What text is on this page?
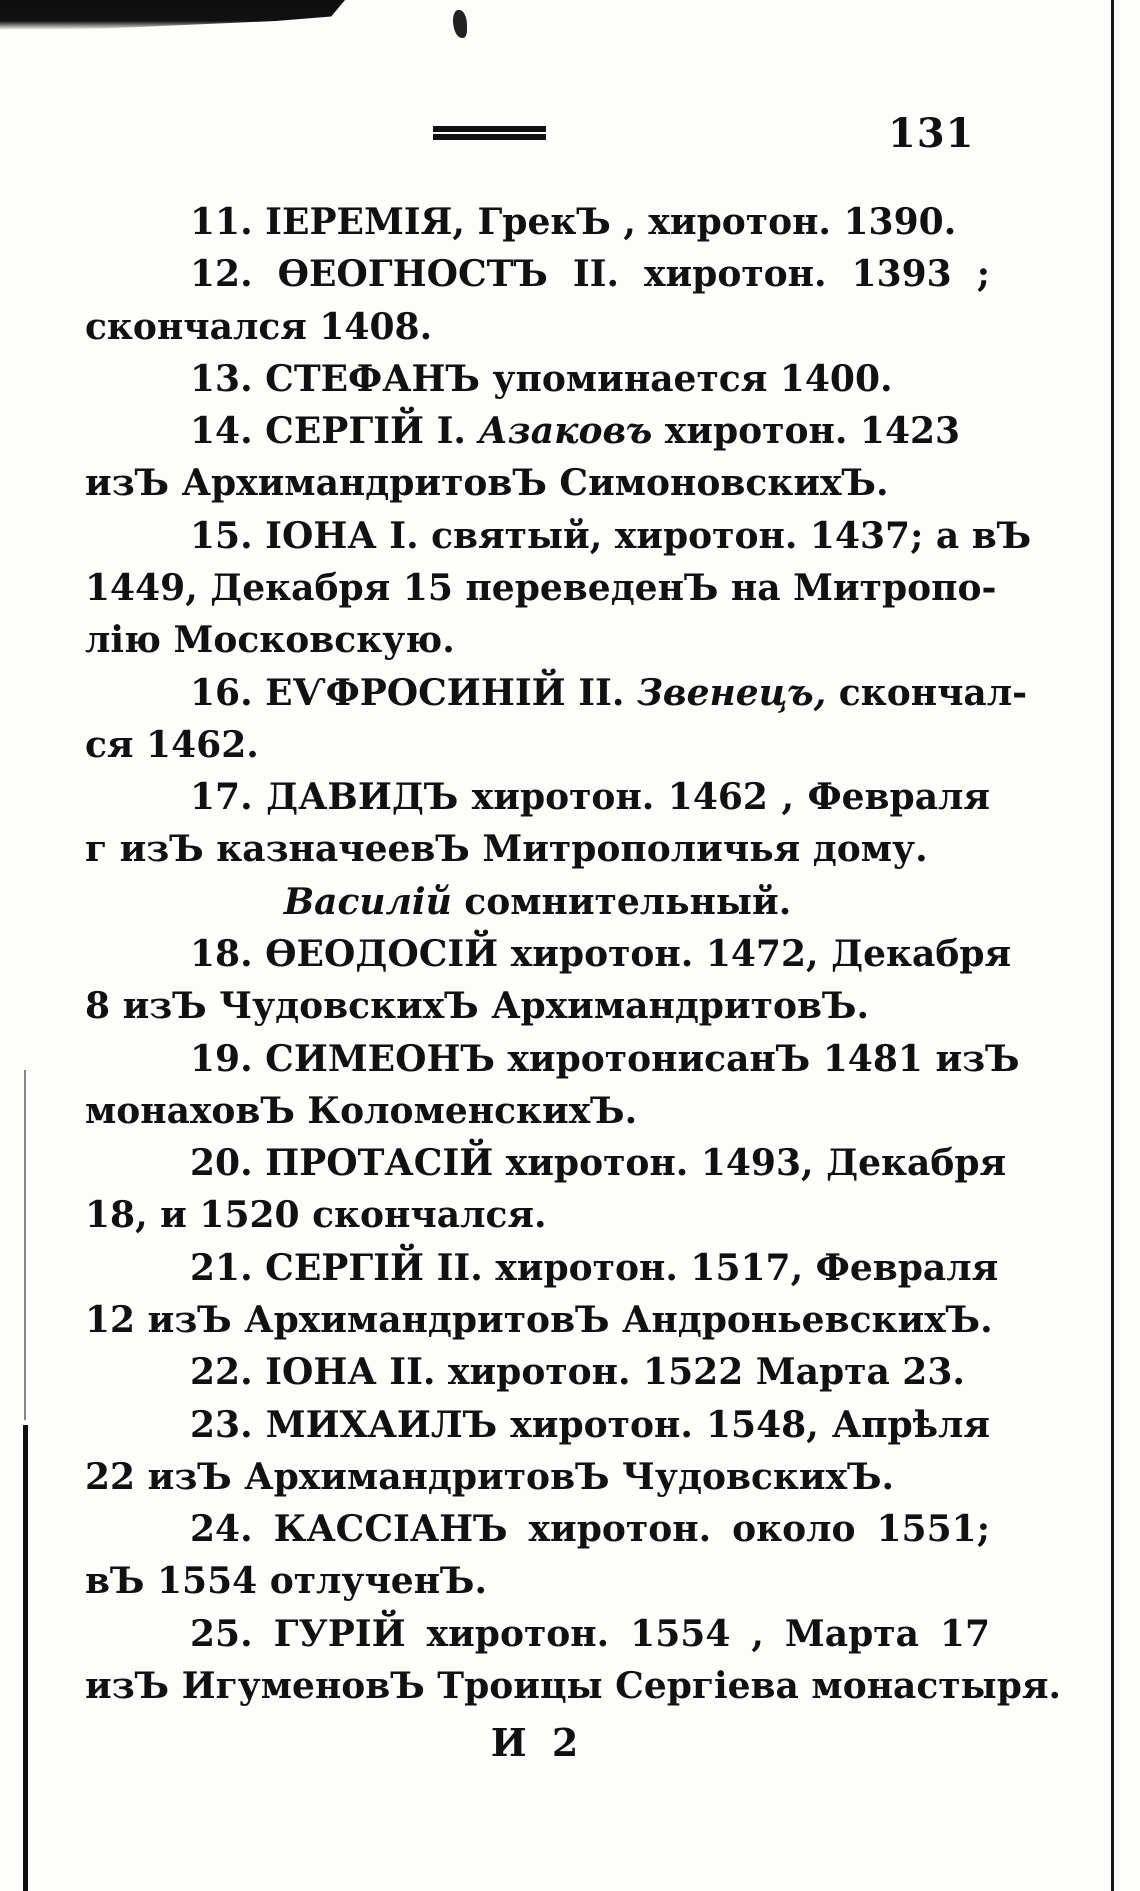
131
11. ІЕРЕМІЯ, ГрекЪ , хиротон. 1390.
12. ѲЕОГНОСТЪ II. хиротон. 1393 ;
скончался 1408.
13. СТЕФАНЪ упоминается 1400.
14. СЕРГІЙ I. Азаковъ хиротон. 1423
изЪ АрхимандритовЪ СимоновскихЪ.
15. ІОНА I. святый, хиротон. 1437; а вЪ
1449, Декабря 15 переведенЪ на Митропо-
лію Московскую.
16. ЕѴФРОСИНІЙ II. Звенецъ, скончал-
ся 1462.
17. ДАВИДЪ хиротон. 1462 , Февраля
г изЪ казначеевЪ Митрополичья дому.
Василій сомнительный.
18. ѲЕОДОСІЙ хиротон. 1472, Декабря
8 изЪ ЧудовскихЪ АрхимандритовЪ.
19. СИМЕОНЪ хиротонисанЪ 1481 изЪ
монаховЪ КоломенскихЪ.
20. ПРОТАСІЙ хиротон. 1493, Декабря
18, и 1520 скончался.
21. СЕРГІЙ II. хиротон. 1517, Февраля
12 изЪ АрхимандритовЪ АндроньевскихЪ.
22. ІОНА II. хиротон. 1522 Марта 23.
23. МИХАИЛЪ хиротон. 1548, Апрѣля
22 изЪ АрхимандритовЪ ЧудовскихЪ.
24. КАССІАНЪ хиротон. около 1551;
вЪ 1554 отлученЪ.
25. ГУРІЙ хиротон. 1554 , Марта 17
изЪ ИгуменовЪ Троицы Сергіева монастыря.
И 2
